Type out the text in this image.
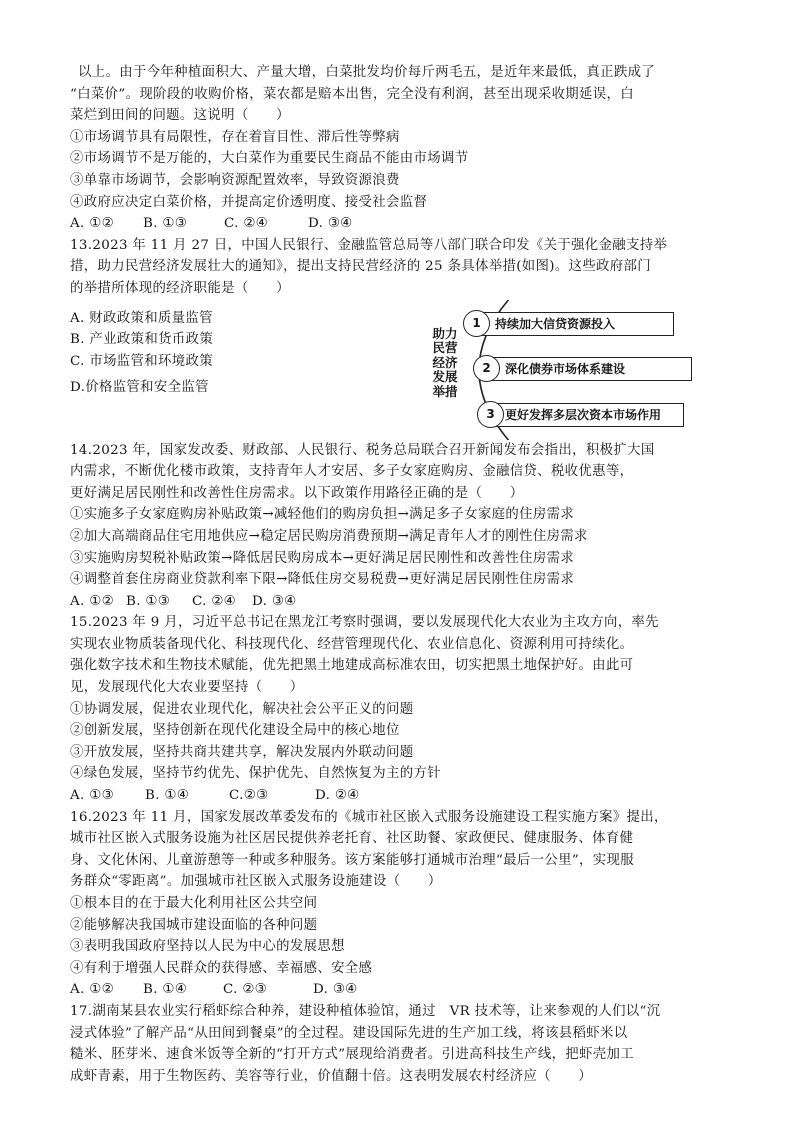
以上。由于今年种植面积大、产量大增，白菜批发均价每斤两毛五，是近年来最低，真正跌成了
“白菜价”。现阶段的收购价格，菜农都是赔本出售，完全没有利润，甚至出现采收期延误，白
菜烂到田间的问题。这说明（　　）
①市场调节具有局限性，存在着盲目性、滞后性等弊病
②市场调节不是万能的，大白菜作为重要民生商品不能由市场调节
③单靠市场调节，会影响资源配置效率，导致资源浪费
④政府应决定白菜价格，并提高定价透明度、接受社会监督
A. ①②	B. ①③	C. ②④	D. ③④
13.2023 年 11 月 27 日，中国人民银行、金融监管总局等八部门联合印发《关于强化金融支持举
措，助力民营经济发展壮大的通知》，提出支持民营经济的 25 条具体举措(如图)。这些政府部门
的举措所体现的经济职能是（　　）
A. 财政政策和质量监管
B. 产业政策和货币政策
C. 市场监管和环境政策
D.价格监管和安全监管
助力
民营
经济
发展
举措
1	持续加大信贷资源投入
2	深化债券市场体系建设
3 更好发挥多层次资本市场作用
14.2023 年，国家发改委、财政部、人民银行、税务总局联合召开新闻发布会指出，积极扩大国
内需求，不断优化楼市政策，支持青年人才安居、多子女家庭购房、金融信贷、税收优惠等，
更好满足居民刚性和改善性住房需求。以下政策作用路径正确的是（　　）
①实施多子女家庭购房补贴政策→减轻他们的购房负担→满足多子女家庭的住房需求
②加大高端商品住宅用地供应→稳定居民购房消费预期→满足青年人才的刚性住房需求
③实施购房契税补贴政策→降低居民购房成本→更好满足居民刚性和改善性住房需求
④调整首套住房商业贷款利率下限→降低住房交易税费→更好满足居民刚性住房需求
A. ①② B. ①③	C. ②④	D. ③④
15.2023 年 9 月，习近平总书记在黑龙江考察时强调，要以发展现代化大农业为主攻方向，率先
实现农业物质装备现代化、科技现代化、经营管理现代化、农业信息化、资源利用可持续化。
强化数字技术和生物技术赋能，优先把黑土地建成高标准农田，切实把黑土地保护好。由此可
见，发展现代化大农业要坚持（　　）
①协调发展，促进农业现代化，解决社会公平正义的问题
②创新发展，坚持创新在现代化建设全局中的核心地位
③开放发展，坚持共商共建共享，解决发展内外联动问题
④绿色发展，坚持节约优先、保护优先、自然恢复为主的方针
A. ①③	B. ①④	C.②③	D. ②④
16.2023 年 11 月，国家发展改革委发布的《城市社区嵌入式服务设施建设工程实施方案》提出，
城市社区嵌入式服务设施为社区居民提供养老托育、社区助餐、家政便民、健康服务、体育健
身、文化休闲、儿童游憩等一种或多种服务。该方案能够打通城市治理“最后一公里”，实现服
务群众“零距离”。加强城市社区嵌入式服务设施建设（　　）
①根本目的在于最大化利用社区公共空间
②能够解决我国城市建设面临的各种问题
③表明我国政府坚持以人民为中心的发展思想
④有利于增强人民群众的获得感、幸福感、安全感
A. ①②	B. ①④	C. ②③	D. ③④
17.湖南某县农业实行稻虾综合种养，建设种植体验馆，通过　VR 技术等，让来参观的人们以“沉
浸式体验”了解产品“从田间到餐桌”的全过程。建设国际先进的生产加工线，将该县稻虾米以
糙米、胚芽米、速食米饭等全新的“打开方式”展现给消费者。引进高科技生产线，把虾壳加工
成虾青素，用于生物医药、美容等行业，价值翻十倍。这表明发展农村经济应（　　）
